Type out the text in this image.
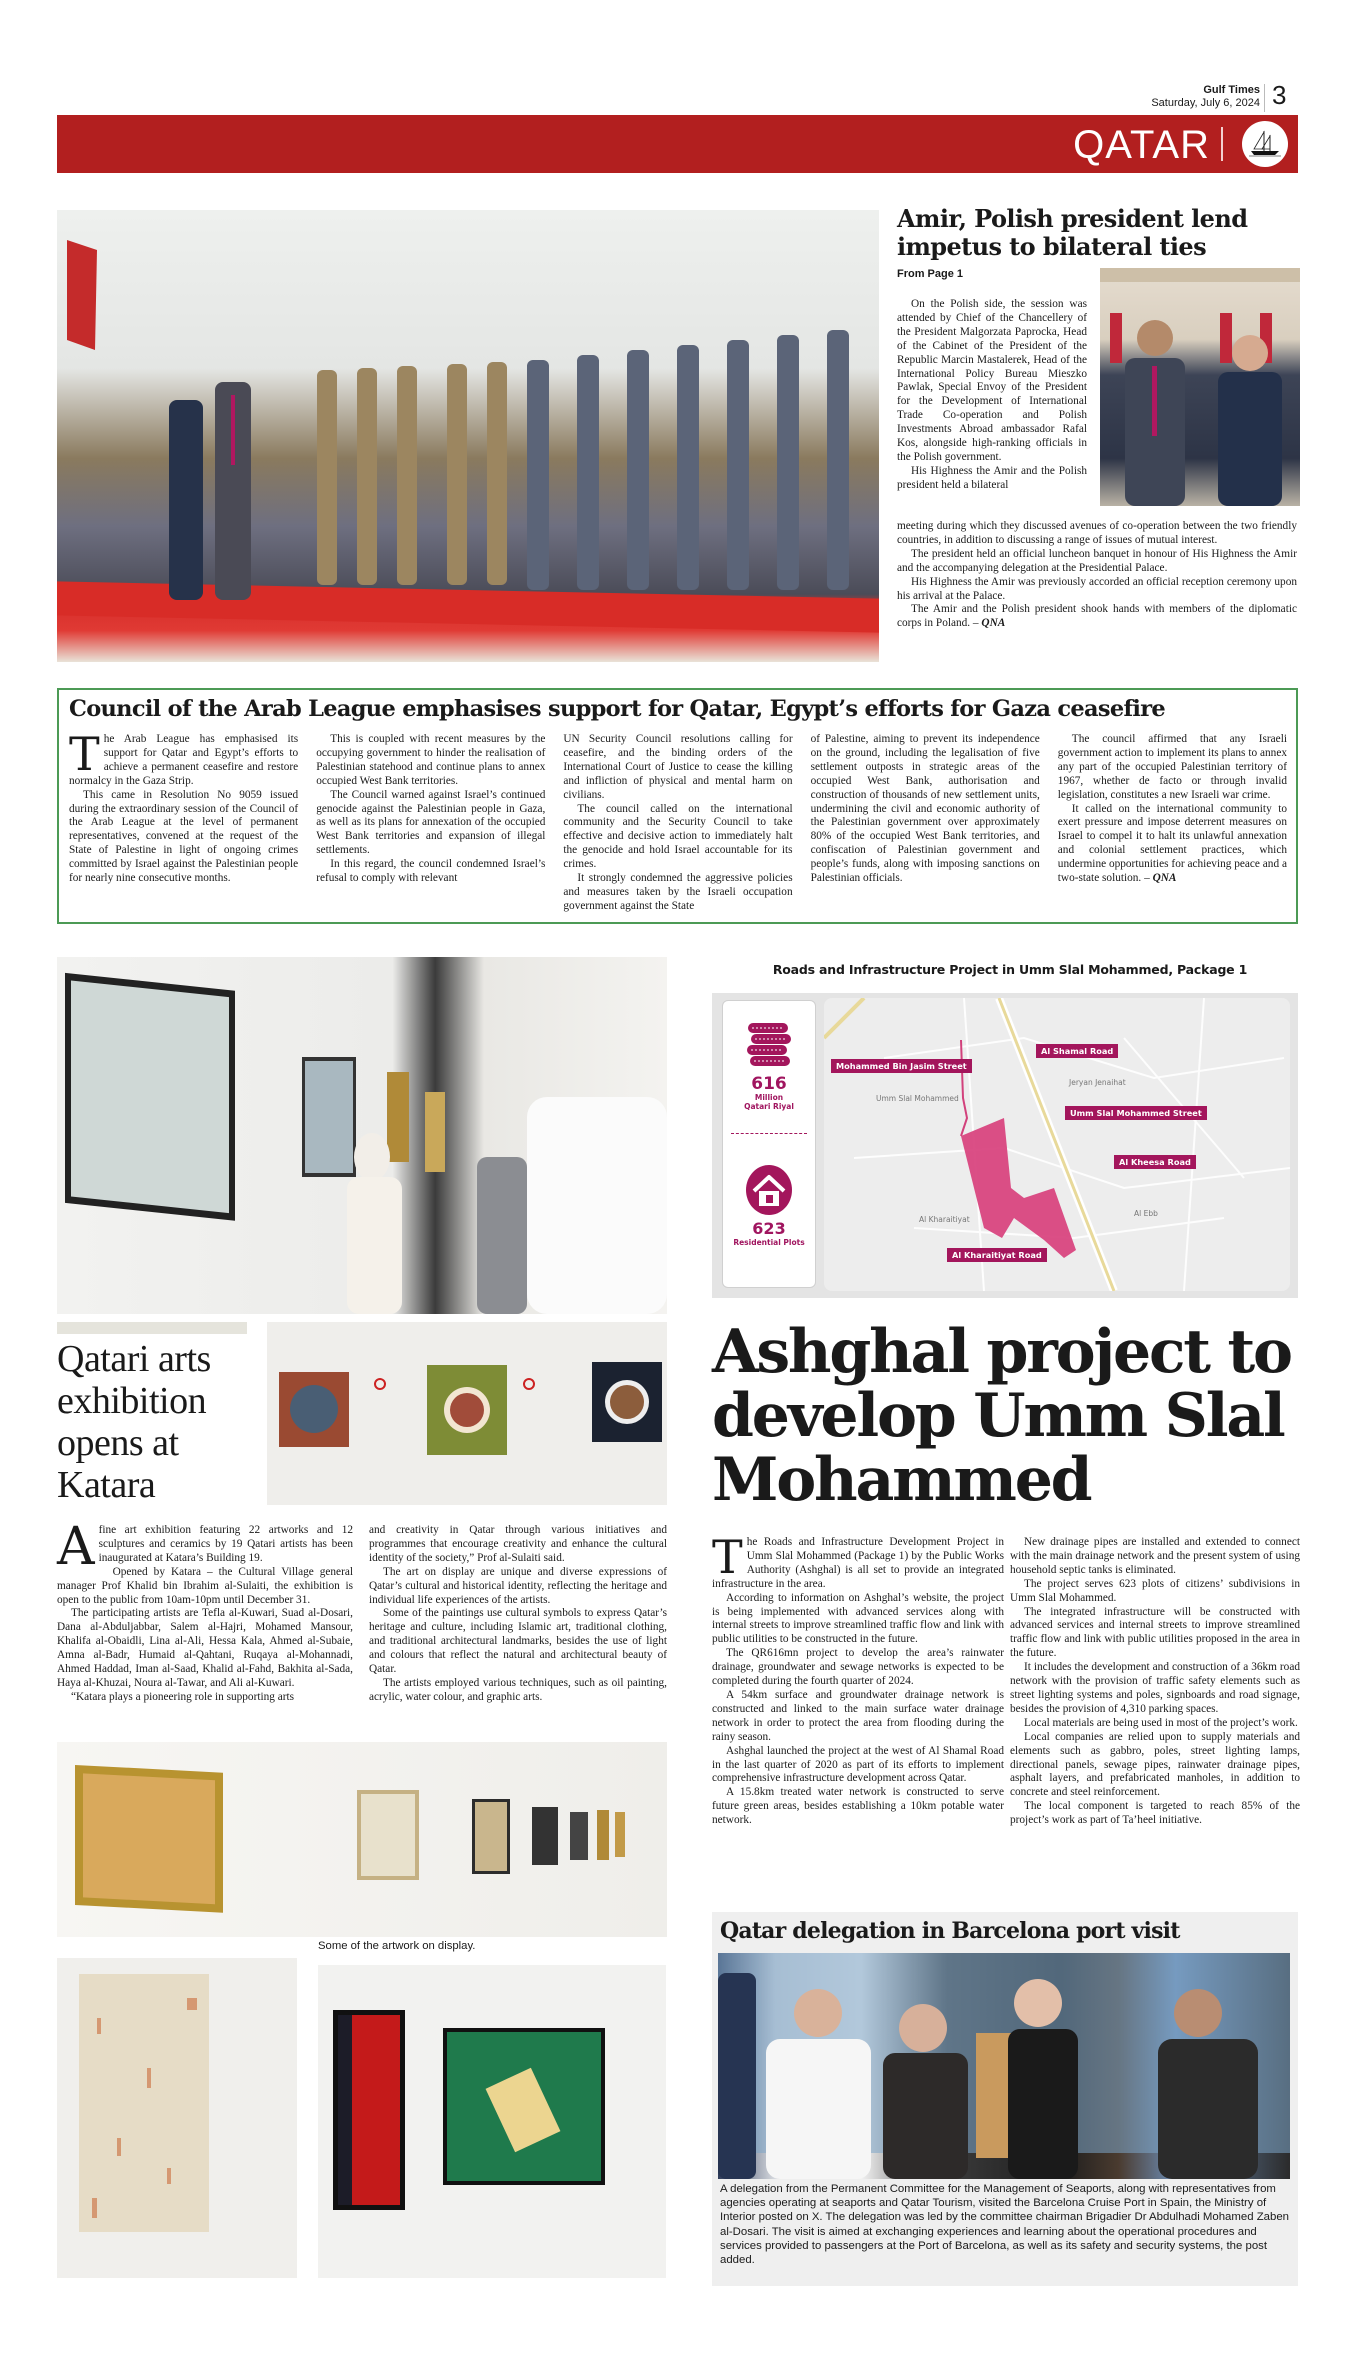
Gulf Times
Saturday, July 6, 2024 3
QATAR
Amir, Polish president lend impetus to bilateral ties
From Page 1

On the Polish side, the session was attended by Chief of the Chancellery of the President Malgorzata Paprocka, Head of the Cabinet of the President of the Republic Marcin Mastalerek, Head of the International Policy Bureau Mieszko Pawlak, Special Envoy of the President for the Development of International Trade Co-operation and Polish Investments Abroad ambassador Rafal Kos, alongside high-ranking officials in the Polish government.

His Highness the Amir and the Polish president held a bilateral

meeting during which they discussed avenues of co-operation between the two friendly countries, in addition to discussing a range of issues of mutual interest.

The president held an official luncheon banquet in honour of His Highness the Amir and the accompanying delegation at the Presidential Palace.

His Highness the Amir was previously accorded an official reception ceremony upon his arrival at the Palace.

The Amir and the Polish president shook hands with members of the diplomatic corps in Poland. – QNA

Council of the Arab League emphasises support for Qatar, Egypt’s efforts for Gaza ceasefire

The Arab League has emphasised its support for Qatar and Egypt’s efforts to achieve a permanent ceasefire and restore normalcy in the Gaza Strip.

This came in Resolution No 9059 issued during the extraordinary session of the Council of the Arab League at the level of permanent representatives, convened at the request of the State of Palestine in light of ongoing crimes committed by Israel against the Palestinian people for nearly nine consecutive months.

This is coupled with recent measures by the occupying government to hinder the realisation of Palestinian statehood and continue plans to annex occupied West Bank territories.

The Council warned against Israel’s continued genocide against the Palestinian people in Gaza, as well as its plans for annexation of the occupied West Bank territories and expansion of illegal settlements.

In this regard, the council condemned Israel’s refusal to comply with relevant

UN Security Council resolutions calling for ceasefire, and the binding orders of the International Court of Justice to cease the killing and infliction of physical and mental harm on civilians.

The council called on the international community and the Security Council to take effective and decisive action to immediately halt the genocide and hold Israel accountable for its crimes.

It strongly condemned the aggressive policies and measures taken by the Israeli occupation government against the State

of Palestine, aiming to prevent its independence on the ground, including the legalisation of five settlement outposts in strategic areas of the occupied West Bank, authorisation and construction of thousands of new settlement units, undermining the civil and economic authority of the Palestinian government over approximately 80% of the occupied West Bank territories, and confiscation of Palestinian government and people’s funds, along with imposing sanctions on Palestinian officials.

The council affirmed that any Israeli government action to implement its plans to annex any part of the occupied Palestinian territory of 1967, whether de facto or through invalid legislation, constitutes a new Israeli war crime.

It called on the international community to exert pressure and impose deterrent measures on Israel to compel it to halt its unlawful annexation and colonial settlement practices, which undermine opportunities for achieving peace and a two-state solution. – QNA

Roads and Infrastructure Project in Umm Slal Mohammed, Package 1
616
Million
Qatari Riyal
623
Residential Plots
Mohammed Bin Jasim Street
Al Shamal Road
Umm Slal Mohammed Street
Al Kheesa Road
Al Kharaitiyat Road
Umm Slal Mohammed
Jeryan Jenaihat
Al Kharaitiyat
Al Ebb
Qatari arts exhibition opens at Katara

A fine art exhibition featuring 22 artworks and 12 sculptures and ceramics by 19 Qatari artists has been inaugurated at Katara’s Building 19.

Opened by Katara – the Cultural Village general manager Prof Khalid bin Ibrahim al-Sulaiti, the exhibition is open to the public from 10am-10pm until December 31.

The participating artists are Tefla al-Kuwari, Suad al-Dosari, Dana al-Abduljabbar, Salem al-Hajri, Mohamed Mansour, Khalifa al-Obaidli, Lina al-Ali, Hessa Kala, Ahmed al-Subaie, Amna al-Badr, Humaid al-Qahtani, Ruqaya al-Mohannadi, Ahmed Haddad, Iman al-Saad, Khalid al-Fahd, Bakhita al-Sada, Haya al-Khuzai, Noura al-Tawar, and Ali al-Kuwari.

“Katara plays a pioneering role in supporting arts

and creativity in Qatar through various initiatives and programmes that encourage creativity and enhance the cultural identity of the society,” Prof al-Sulaiti said.

The art on display are unique and diverse expressions of Qatar’s cultural and historical identity, reflecting the heritage and individual life experiences of the artists.

Some of the paintings use cultural symbols to express Qatar’s heritage and culture, including Islamic art, traditional clothing, and traditional architectural landmarks, besides the use of light and colours that reflect the natural and architectural beauty of Qatar.

The artists employed various techniques, such as oil painting, acrylic, water colour, and graphic arts.

Some of the artwork on display.
Ashghal project to develop Umm Slal Mohammed

The Roads and Infrastructure Development Project in Umm Slal Mohammed (Package 1) by the Public Works Authority (Ashghal) is all set to provide an integrated infrastructure in the area.

According to information on Ashghal’s website, the project is being implemented with advanced services along with internal streets to improve streamlined traffic flow and link with public utilities to be constructed in the future.

The QR616mn project to develop the area’s rainwater drainage, groundwater and sewage networks is expected to be completed during the fourth quarter of 2024.

A 54km surface and groundwater drainage network is constructed and linked to the main surface water drainage network in order to protect the area from flooding during the rainy season.

Ashghal launched the project at the west of Al Shamal Road in the last quarter of 2020 as part of its efforts to implement comprehensive infrastructure development across Qatar.

A 15.8km treated water network is constructed to serve future green areas, besides establishing a 10km potable water network.

New drainage pipes are installed and extended to connect with the main drainage network and the present system of using household septic tanks is eliminated.

The project serves 623 plots of citizens’ subdivisions in Umm Slal Mohammed.

The integrated infrastructure will be constructed with advanced services and internal streets to improve streamlined traffic flow and link with public utilities proposed in the area in the future.

It includes the development and construction of a 36km road network with the provision of traffic safety elements such as street lighting systems and poles, signboards and road signage, besides the provision of 4,310 parking spaces.

Local materials are being used in most of the project’s work.

Local companies are relied upon to supply materials and elements such as gabbro, poles, street lighting lamps, directional panels, sewage pipes, rainwater drainage pipes, asphalt layers, and prefabricated manholes, in addition to concrete and steel reinforcement.

The local component is targeted to reach 85% of the project’s work as part of Ta’heel initiative.

Qatar delegation in Barcelona port visit
A delegation from the Permanent Committee for the Management of Seaports, along with representatives from agencies operating at seaports and Qatar Tourism, visited the Barcelona Cruise Port in Spain, the Ministry of Interior posted on X. The delegation was led by the committee chairman Brigadier Dr Abdulhadi Mohamed Zaben al-Dosari. The visit is aimed at exchanging experiences and learning about the operational procedures and services provided to passengers at the Port of Barcelona, as well as its safety and security systems, the post added.
